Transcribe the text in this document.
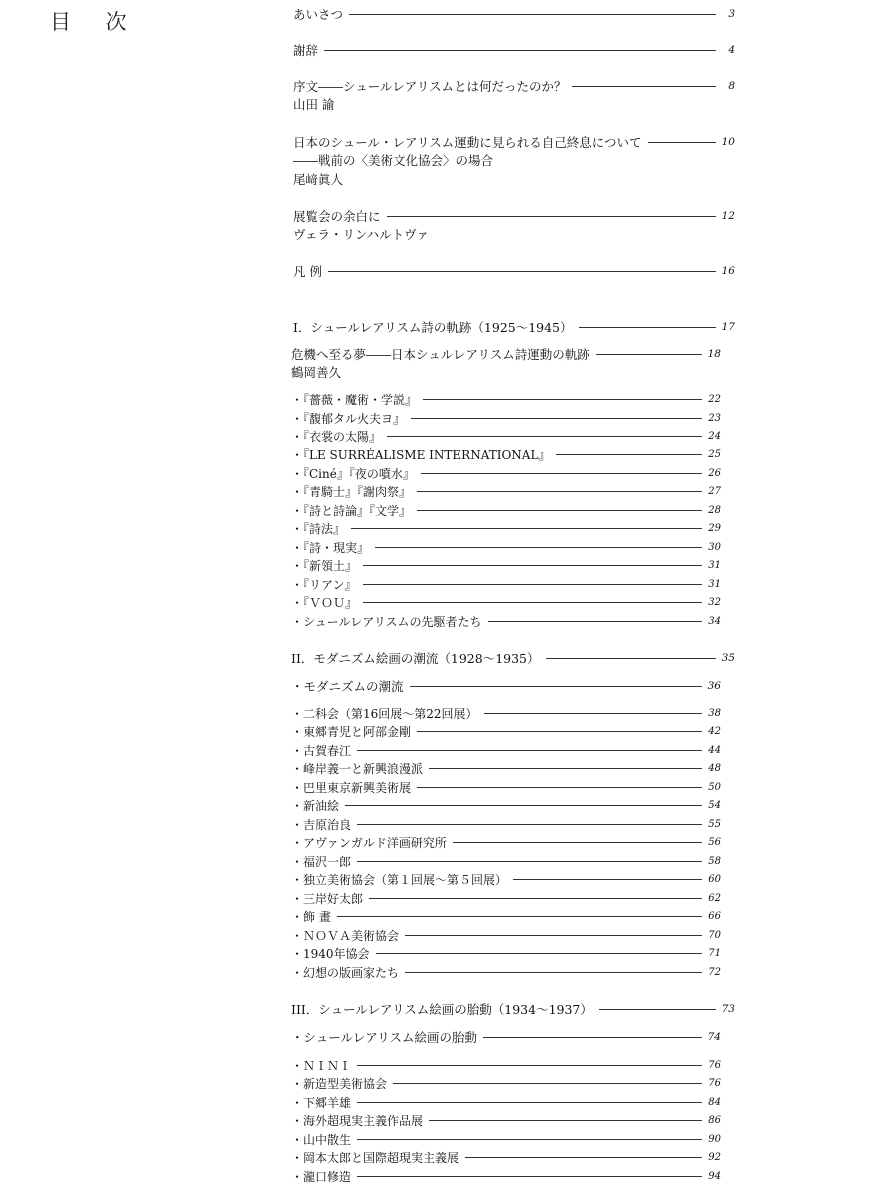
目 次	あいさつ	3
謝辞	4
序文――シュールレアリスムとは何だったのか？	8
山田 諭
日本のシュール・レアリスム運動に見られる自己終息について	10
――戦前の〈美術文化協会〉の場合
尾﨑眞人
展覧会の余白に	12
ヴェラ・リンハルトヴァ
凡 例	16
I．シュールレアリスム詩の軌跡（1925～1945）	17
危機へ至る夢――日本シュルレアリスム詩運動の軌跡	18
鶴岡善久
・『薔薇・魔術・学説』	22
・『馥郁タル火夫ヨ』	23
・『衣裳の太陽』	24
・『LE SURRÉALISME INTERNATIONAL』	25
・『Ciné』『夜の噴水』	26
・『青騎士』『謝肉祭』	27
・『詩と詩論』『文学』	28
・『詩法』	29
・『詩・現実』	30
・『新領土』	31
・『リアン』	31
・『ＶＯＵ』	32
・シュールレアリスムの先駆者たち	34
II．モダニズム絵画の潮流（1928～1935）	35
・モダニズムの潮流	36
・二科会（第16回展～第22回展）	38
・東郷青児と阿部金剛	42
・古賀春江	44
・峰岸義一と新興浪漫派	48
・巴里東京新興美術展	50
・新油絵	54
・吉原治良	55
・アヴァンガルド洋画研究所	56
・福沢一郎	58
・独立美術協会（第１回展～第５回展）	60
・三岸好太郎	62
・飾 畫	66
・ＮＯＶＡ美術協会	70
・1940年協会	71
・幻想の版画家たち	72
III．シュールレアリスム絵画の胎動（1934～1937）	73
・シュールレアリスム絵画の胎動	74
・ＮＩＮＩ	76
・新造型美術協会	76
・下郷羊雄	84
・海外超現実主義作品展	86
・山中散生	90
・岡本太郎と国際超現実主義展	92
・瀧口修造	94
